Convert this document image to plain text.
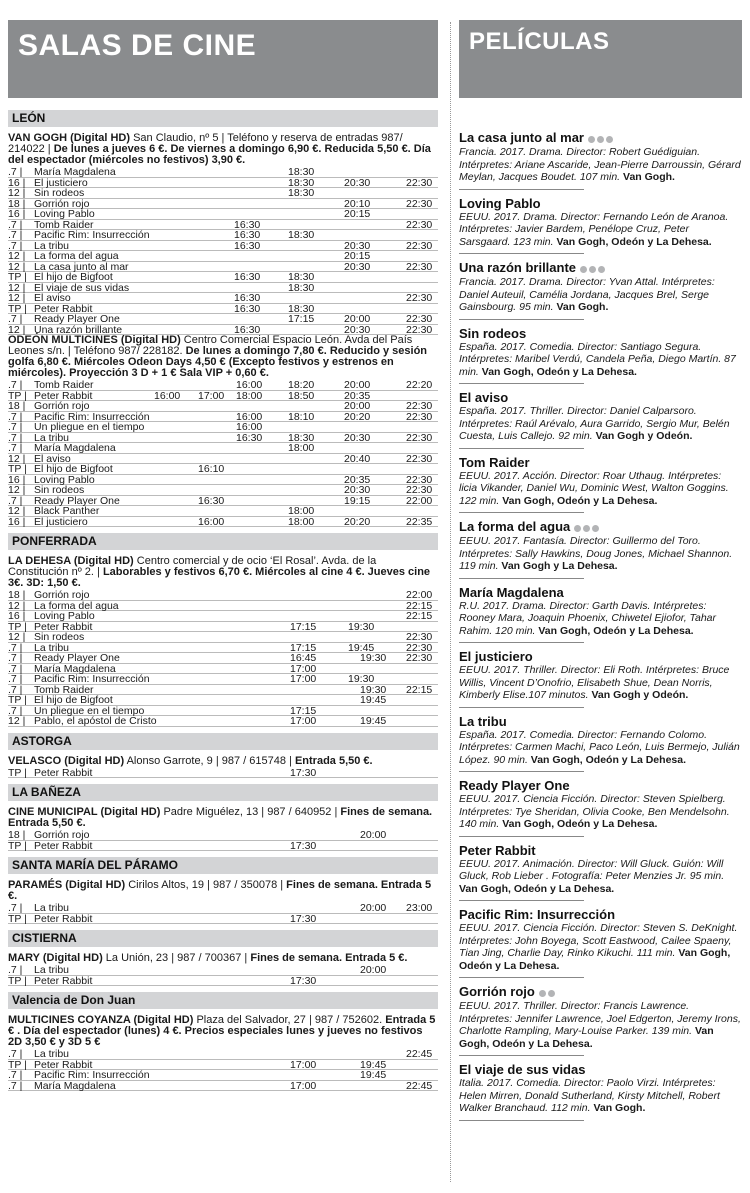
SALAS DE CINE	PELÍCULAS
LEÓN
VAN GOGH (Digital HD) San Claudio, nº 5 | Teléfono y reserva de entradas 987/ 214022 | De lunes a jueves 6 €. De viernes a domingo 6,90 €. Reducida 5,50 €. Día del espectador (miércoles no festivos) 3,90 €.
.7 |	María Magdalena	18:30
16 | El justiciero	18:30	20:30	22:30
12 | Sin rodeos	18:30
18 | Gorrión rojo	20:10	22:30
16 | Loving Pablo	20:15
.7 |	Tomb Raider	16:30	22:30
.7 |	Pacific Rim: Insurrección	16:30	18:30
.7 |	La tribu	16:30	20:30	22:30
12 | La forma del agua	20:15
12 | La casa junto al mar	20:30	22:30
TP | El hijo de Bigfoot	16:30	18:30
12 | El viaje de sus vidas	18:30
12 | El aviso	16:30	22:30
TP | Peter Rabbit	16:30	18:30
.7 |	Ready Player One	17:15	20:00	22:30
12 | Una razón brillante	16:30	20:30	22:30
ODEÓN MULTICINES (Digital HD) Centro Comercial Espacio León. Avda del País Leones s/n. | Teléfono 987/ 228182. De lunes a domingo 7,80 €. Reducido y sesión golfa 6,80 €. Miércoles Odeon Days 4,50 € (Excepto festivos y estrenos en miércoles). Proyección 3 D + 1 € Sala VIP + 0,60 €.
.7 |	Tomb Raider	16:00 18:20	20:00	22:20
TP | Peter Rabbit	16:00 17:00 18:00 18:50	20:35
18 | Gorrión rojo	20:00	22:30
.7 |	Pacific Rim: Insurrección	16:00 18:10	20:20	22:30
.7 |	Un pliegue en el tiempo	16:00
.7 |	La tribu	16:30 18:30	20:30	22:30
.7 |	María Magdalena	18:00
12 | El aviso	20:40	22:30
TP | El hijo de Bigfoot	16:10
16 | Loving Pablo	20:35	22:30
12 | Sin rodeos	20:30	22:30
.7 |	Ready Player One	16:30	19:15	22:00
12 | Black Panther	18:00
16 | El justiciero	16:00	18:00	20:20	22:35
PONFERRADA
LA DEHESA (Digital HD) Centro comercial y de ocio ‘El Rosal’. Avda. de la Constitución nº 2. | Laborables y festivos 6,70 €. Miércoles al cine 4 €. Jueves cine 3€. 3D: 1,50 €.
18 | Gorrión rojo	22:00
12 | La forma del agua	22:15
16 | Loving Pablo	22:15
TP | Peter Rabbit	17:15	19:30
12 | Sin rodeos	22:30
.7 |	La tribu	17:15	19:45	22:30
.7 |	Ready Player One	16:45	19:30 22:30
.7 |	María Magdalena	17:00
.7 |	Pacific Rim: Insurrección	17:00	19:30
.7 |	Tomb Raider	19:30 22:15
TP | El hijo de Bigfoot	19:45
.7 |	Un pliegue en el tiempo	17:15
12 | Pablo, el apóstol de Cristo	17:00	19:45
ASTORGA
VELASCO (Digital HD) Alonso Garrote, 9 | 987 / 615748 | Entrada 5,50 €.
TP | Peter Rabbit	17:30
LA BAÑEZA
CINE MUNICIPAL (Digital HD) Padre Miguélez, 13 | 987 / 640952 | Fines de semana. Entrada 5,50 €.
18 | Gorrión rojo	20:00
TP | Peter Rabbit	17:30
SANTA MARÍA DEL PÁRAMO
PARAMÉS (Digital HD) Cirilos Altos, 19 | 987 / 350078 | Fines de semana. Entrada 5 €.
.7 |	La tribu	20:00 23:00
TP | Peter Rabbit	17:30
CISTIERNA
MARY (Digital HD) La Unión, 23 | 987 / 700367 | Fines de semana. Entrada 5 €.
.7 |	La tribu	20:00
TP | Peter Rabbit	17:30
Valencia de Don Juan
MULTICINES COYANZA (Digital HD) Plaza del Salvador, 27 | 987 / 752602. Entrada 5 € . Día del espectador (lunes) 4 €. Precios especiales lunes y jueves no festivos 2D 3,50 € y 3D 5 €
.7 |	La tribu	22:45
TP | Peter Rabbit	17:00	19:45
.7 |	Pacific Rim: Insurrección	19:45
.7 |	María Magdalena	17:00	22:45
La casa junto al mar
Francia. 2017. Drama. Director: Robert Guédiguian. Intérpretes: Ariane Ascaride, Jean-Pierre Darroussin, Gérard Meylan, Jacques Boudet. 107 min. Van Gogh.
Loving Pablo
EEUU. 2017. Drama. Director: Fernando León de Aranoa. Intérpretes: Javier Bardem, Penélope Cruz, Peter Sarsgaard. 123 min. Van Gogh, Odeón y La Dehesa.
Una razón brillante
Francia. 2017. Drama. Director: Yvan Attal. Intérpretes: Daniel Auteuil, Camélia Jordana, Jacques Brel, Serge Gainsbourg. 95 min. Van Gogh.
Sin rodeos
España. 2017. Comedia. Director: Santiago Segura. Intérpretes: Maribel Verdú, Candela Peña, Diego Martín. 87 min. Van Gogh, Odeón y La Dehesa.
El aviso
España. 2017. Thriller. Director: Daniel Calparsoro. Intérpretes: Raúl Arévalo, Aura Garrido, Sergio Mur, Belén Cuesta, Luis Callejo. 92 min. Van Gogh y Odeón.
Tom Raider
EEUU. 2017. Acción. Director: Roar Uthaug. Intérpretes: licia Vikander, Daniel Wu, Dominic West, Walton Goggins. 122 min. Van Gogh, Odeón y La Dehesa.
La forma del agua
EEUU. 2017. Fantasía. Director: Guillermo del Toro. Intérpretes: Sally Hawkins, Doug Jones, Michael Shannon. 119 min. Van Gogh y La Dehesa.
María Magdalena
R.U. 2017. Drama. Director: Garth Davis. Intérpretes: Rooney Mara, Joaquin Phoenix, Chiwetel Ejiofor, Tahar Rahim. 120 min. Van Gogh, Odeón y La Dehesa.
El justiciero
EEUU. 2017. Thriller. Director: Eli Roth. Intérpretes: Bruce Willis, Vincent D’Onofrio, Elisabeth Shue, Dean Norris, Kimberly Elise.107 minutos. Van Gogh y Odeón.
La tribu
España. 2017. Comedia. Director: Fernando Colomo. Intérpretes: Carmen Machi, Paco León, Luis Bermejo, Julián López. 90 min. Van Gogh, Odeón y La Dehesa.
Ready Player One
EEUU. 2017. Ciencia Ficción. Director: Steven Spielberg. Intérpretes: Tye Sheridan, Olivia Cooke, Ben Mendelsohn. 140 min. Van Gogh, Odeón y La Dehesa.
Peter Rabbit
EEUU. 2017. Animación. Director: Will Gluck. Guión: Will Gluck, Rob Lieber . Fotografía: Peter Menzies Jr. 95 min. Van Gogh, Odeón y La Dehesa.
Pacific Rim: Insurrección
EEUU. 2017. Ciencia Ficción. Director: Steven S. DeKnight. Intérpretes: John Boyega, Scott Eastwood, Cailee Spaeny, Tian Jing, Charlie Day, Rinko Kikuchi. 111 min. Van Gogh, Odeón y La Dehesa.
Gorrión rojo
EEUU. 2017. Thriller. Director: Francis Lawrence. Intérpretes: Jennifer Lawrence, Joel Edgerton, Jeremy Irons, Charlotte Rampling, Mary-Louise Parker. 139 min. Van Gogh, Odeón y La Dehesa.
El viaje de sus vidas
Italia. 2017. Comedia. Director: Paolo Virzi. Intérpretes: Helen Mirren, Donald Sutherland, Kirsty Mitchell, Robert Walker Branchaud. 112 min. Van Gogh.
